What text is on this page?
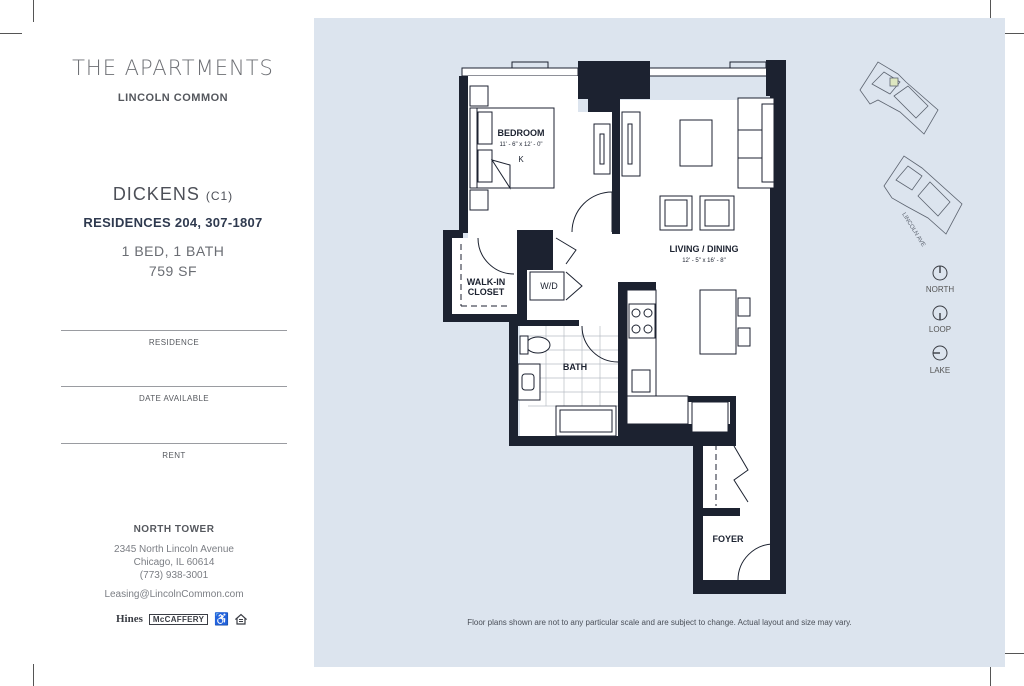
THE APARTMENTS
LINCOLN COMMON
DICKENS (C1)
RESIDENCES 204, 307-1807
1 BED, 1 BATH
759 SF
RESIDENCE
DATE AVAILABLE
RENT
NORTH TOWER
2345 North Lincoln Avenue
Chicago, IL 60614
(773) 938-3001
Leasing@LincolnCommon.com
Hines	McCAFFERY ♿
BEDROOM
11' - 6" x 12' - 0"
K
LIVING / DINING
12' - 5" x 16' - 8"
WALK-IN
CLOSET
W/D
BATH
FOYER
LINCOLN AVE
NORTH
LOOP
LAKE
Floor plans shown are not to any particular scale and are subject to change. Actual layout and size may vary.
